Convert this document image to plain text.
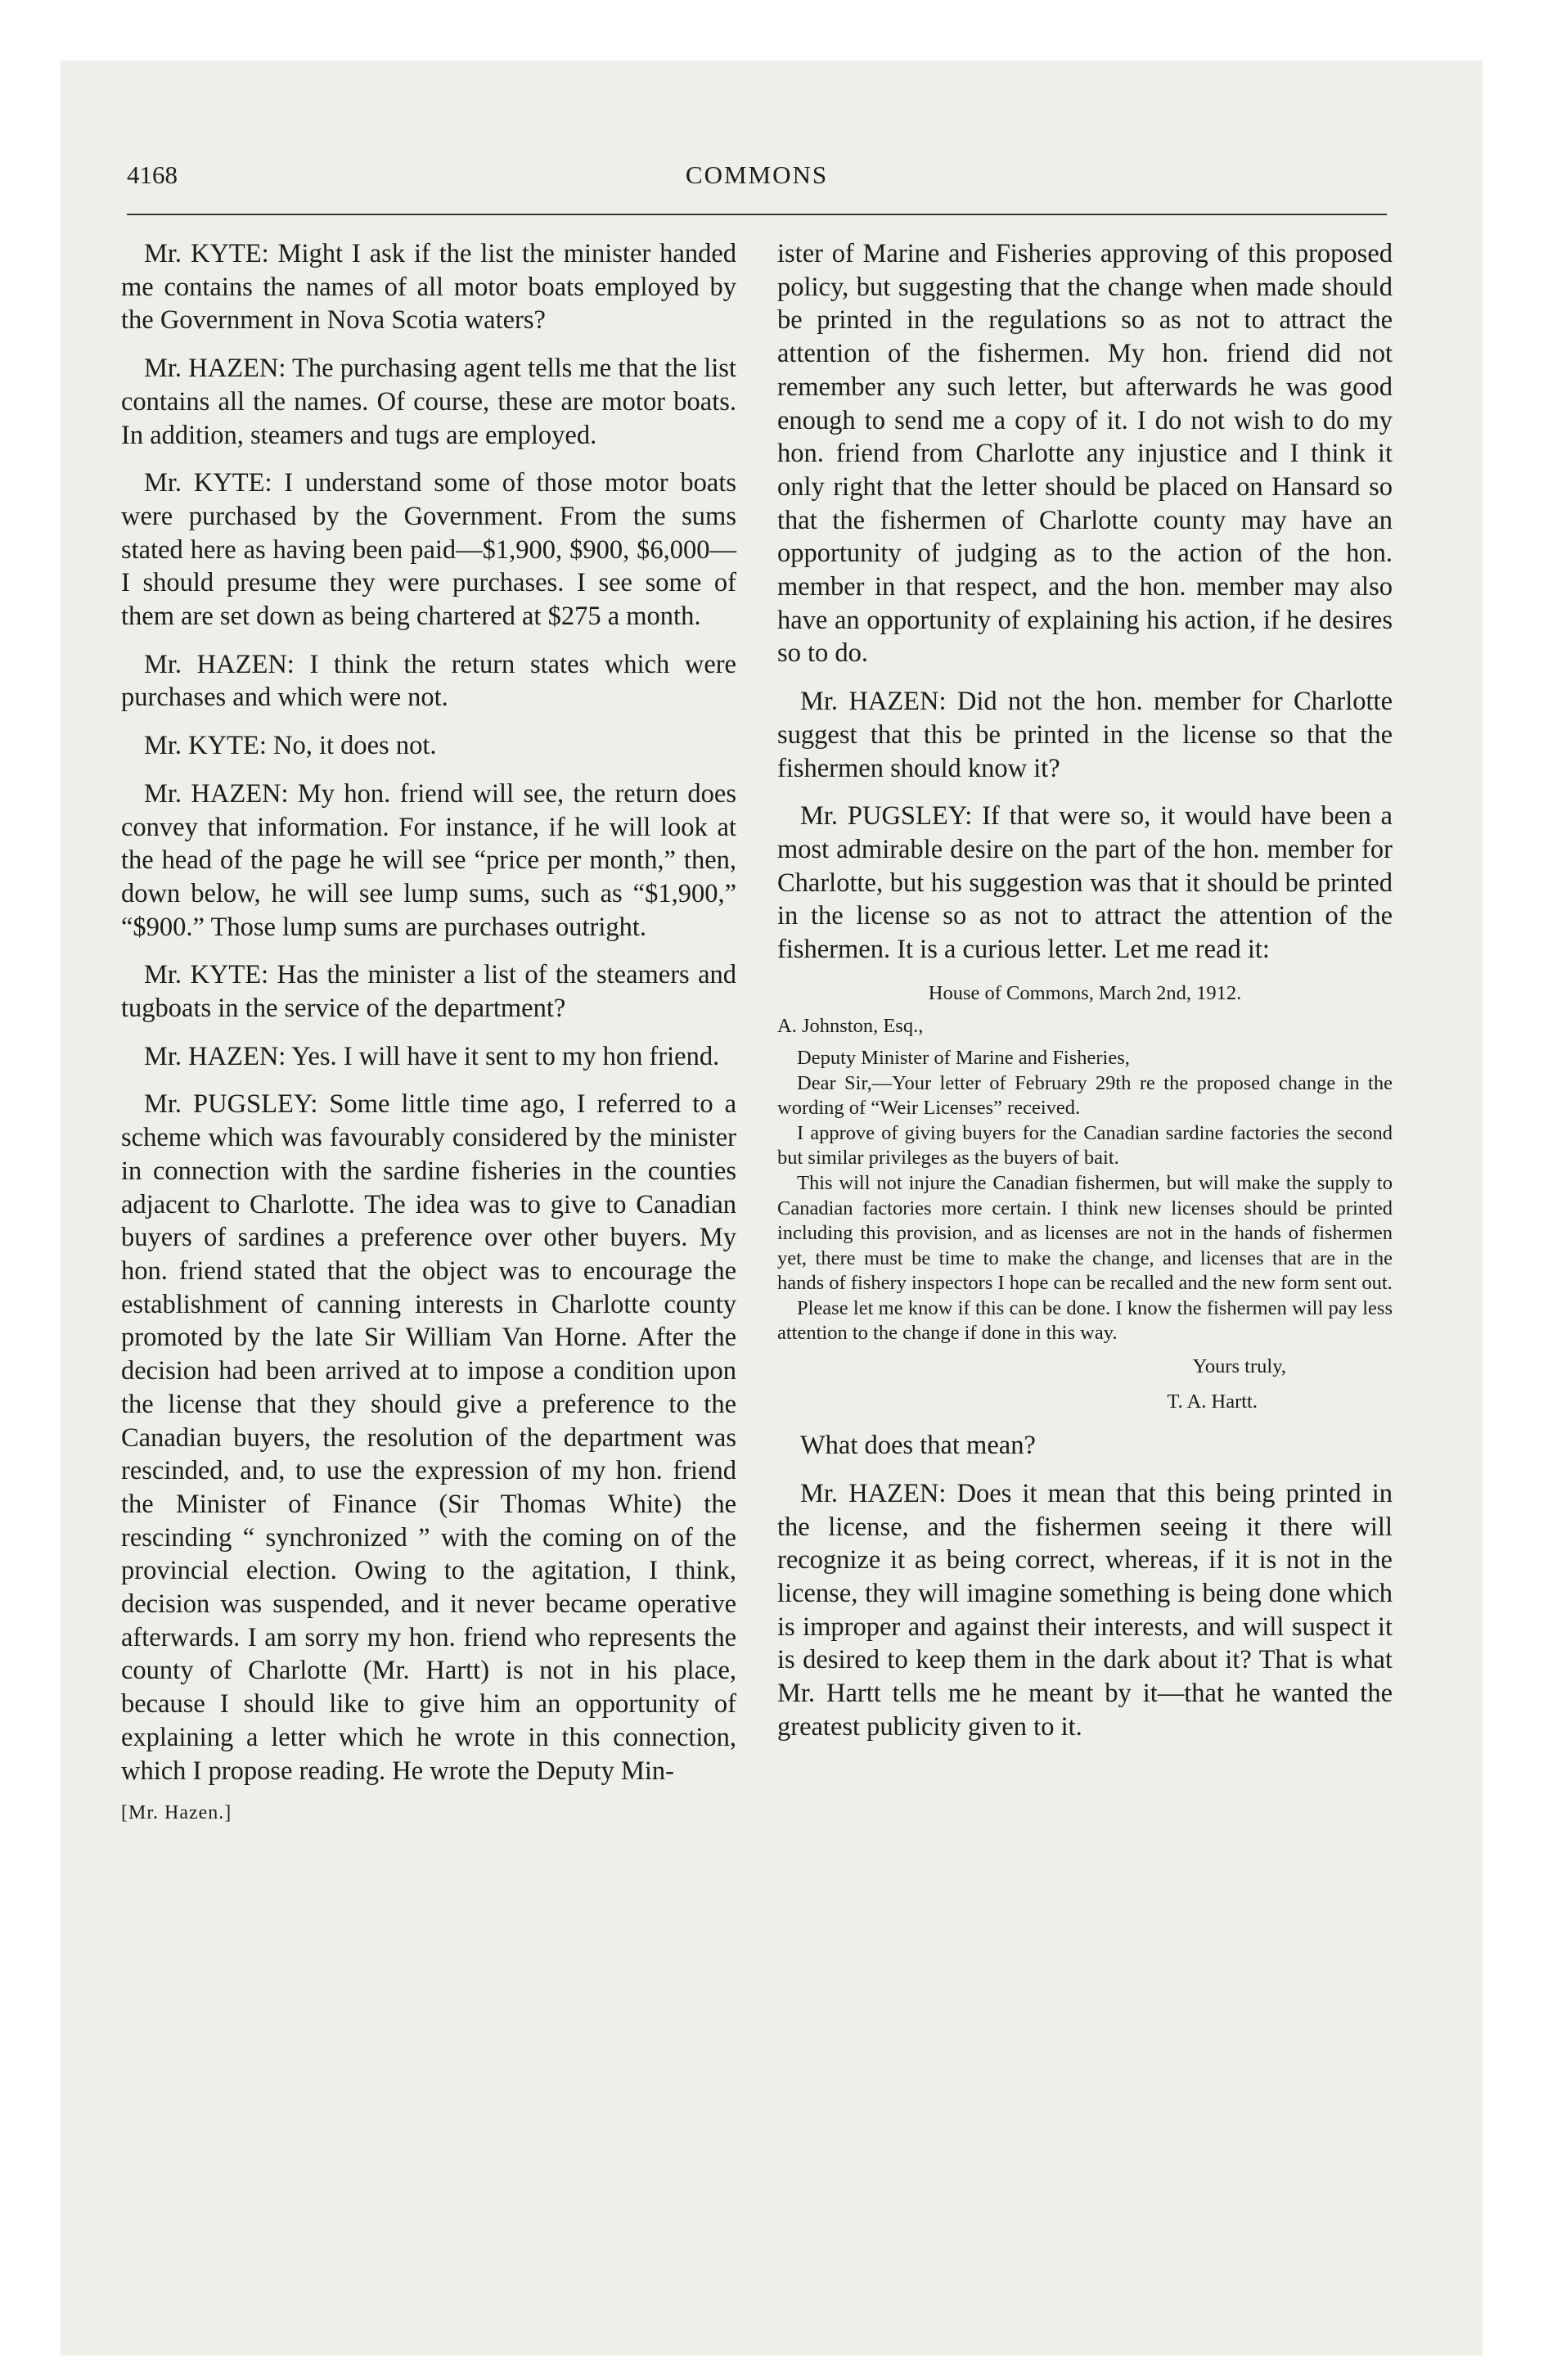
4168	COMMONS

Mr. KYTE: Might I ask if the list the minister handed me contains the names of all motor boats employed by the Government in Nova Scotia waters?

Mr. HAZEN: The purchasing agent tells me that the list contains all the names. Of course, these are motor boats. In addition, steamers and tugs are employed.

Mr. KYTE: I understand some of those motor boats were purchased by the Government. From the sums stated here as having been paid—$1,900, $900, $6,000—I should presume they were purchases. I see some of them are set down as being chartered at $275 a month.

Mr. HAZEN: I think the return states which were purchases and which were not.

Mr. KYTE: No, it does not.

Mr. HAZEN: My hon. friend will see, the return does convey that information. For instance, if he will look at the head of the page he will see “price per month,” then, down below, he will see lump sums, such as “$1,900,” “$900.” Those lump sums are purchases outright.

Mr. KYTE: Has the minister a list of the steamers and tugboats in the service of the department?

Mr. HAZEN: Yes. I will have it sent to my hon friend.

Mr. PUGSLEY: Some little time ago, I referred to a scheme which was favourably considered by the minister in connection with the sardine fisheries in the counties adjacent to Charlotte. The idea was to give to Canadian buyers of sardines a preference over other buyers. My hon. friend stated that the object was to encourage the establishment of canning interests in Charlotte county promoted by the late Sir William Van Horne. After the decision had been arrived at to impose a condition upon the license that they should give a preference to the Canadian buyers, the resolution of the department was rescinded, and, to use the expression of my hon. friend the Minister of Finance (Sir Thomas White) the rescinding “ synchronized ” with the coming on of the provincial election. Owing to the agitation, I think, decision was suspended, and it never became operative afterwards. I am sorry my hon. friend who represents the county of Charlotte (Mr. Hartt) is not in his place, because I should like to give him an opportunity of explaining a letter which he wrote in this connection, which I propose reading. He wrote the Deputy Min-

[Mr. Hazen.]

ister of Marine and Fisheries approving of this proposed policy, but suggesting that the change when made should be printed in the regulations so as not to attract the attention of the fishermen. My hon. friend did not remember any such letter, but afterwards he was good enough to send me a copy of it. I do not wish to do my hon. friend from Charlotte any injustice and I think it only right that the letter should be placed on Hansard so that the fishermen of Charlotte county may have an opportunity of judging as to the action of the hon. member in that respect, and the hon. member may also have an opportunity of explaining his action, if he desires so to do.

Mr. HAZEN: Did not the hon. member for Charlotte suggest that this be printed in the license so that the fishermen should know it?

Mr. PUGSLEY: If that were so, it would have been a most admirable desire on the part of the hon. member for Charlotte, but his suggestion was that it should be printed in the license so as not to attract the attention of the fishermen. It is a curious letter. Let me read it:

House of Commons, March 2nd, 1912.

A. Johnston, Esq.,

Deputy Minister of Marine and Fisheries,

Dear Sir,—Your letter of February 29th re the proposed change in the wording of “Weir Licenses” received.

I approve of giving buyers for the Canadian sardine factories the second but similar privileges as the buyers of bait.

This will not injure the Canadian fishermen, but will make the supply to Canadian factories more certain. I think new licenses should be printed including this provision, and as licenses are not in the hands of fishermen yet, there must be time to make the change, and licenses that are in the hands of fishery inspectors I hope can be recalled and the new form sent out.

Please let me know if this can be done. I know the fishermen will pay less attention to the change if done in this way.

Yours truly,

T. A. Hartt.

What does that mean?

Mr. HAZEN: Does it mean that this being printed in the license, and the fishermen seeing it there will recognize it as being correct, whereas, if it is not in the license, they will imagine something is being done which is improper and against their interests, and will suspect it is desired to keep them in the dark about it? That is what Mr. Hartt tells me he meant by it—that he wanted the greatest publicity given to it.
